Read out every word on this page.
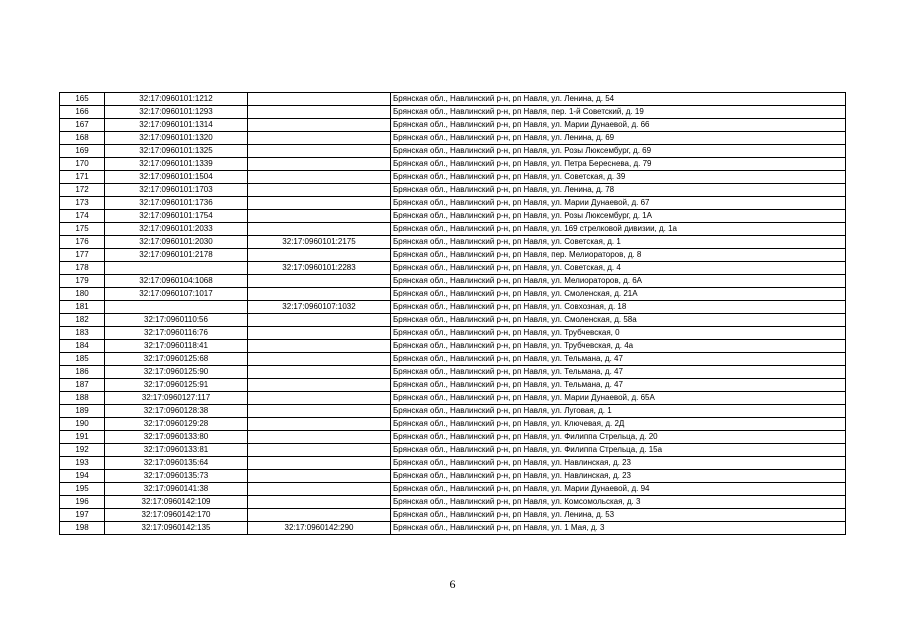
165	32:17:0960101:1212		Брянская обл., Навлинский р-н, рп Навля, ул. Ленина, д. 54
166	32:17:0960101:1293		Брянская обл., Навлинский р-н, рп Навля, пер. 1-й Советский, д. 19
167	32:17:0960101:1314		Брянская обл., Навлинский р-н, рп Навля, ул. Марии Дунаевой, д. 66
168	32:17:0960101:1320		Брянская обл., Навлинский р-н, рп Навля, ул. Ленина, д. 69
169	32:17:0960101:1325		Брянская обл., Навлинский р-н, рп Навля, ул. Розы Люксембург, д. 69
170	32:17:0960101:1339		Брянская обл., Навлинский р-н, рп Навля, ул. Петра Береснева, д. 79
171	32:17:0960101:1504		Брянская обл., Навлинский р-н, рп Навля, ул. Советская, д. 39
172	32:17:0960101:1703		Брянская обл., Навлинский р-н, рп Навля, ул. Ленина, д. 78
173	32:17:0960101:1736		Брянская обл., Навлинский р-н, рп Навля, ул. Марии Дунаевой, д. 67
174	32:17:0960101:1754		Брянская обл., Навлинский р-н, рп Навля, ул. Розы Люксембург, д. 1А
175	32:17:0960101:2033		Брянская обл., Навлинский р-н, рп Навля, ул. 169 стрелковой дивизии, д. 1а
176	32:17:0960101:2030	32:17:0960101:2175	Брянская обл., Навлинский р-н, рп Навля, ул. Советская, д. 1
177	32:17:0960101:2178		Брянская обл., Навлинский р-н, рп Навля, пер. Мелиораторов, д. 8
178		32:17:0960101:2283	Брянская обл., Навлинский р-н, рп Навля, ул. Советская, д. 4
179	32:17:0960104:1068		Брянская обл., Навлинский р-н, рп Навля, ул. Мелиораторов, д. 6А
180	32:17:0960107:1017		Брянская обл., Навлинский р-н, рп Навля, ул. Смоленская, д. 21А
181		32:17:0960107:1032	Брянская обл., Навлинский р-н, рп Навля, ул. Совхозная, д. 18
182	32:17:0960110:56		Брянская обл., Навлинский р-н, рп Навля, ул. Смоленская, д. 58а
183	32:17:0960116:76		Брянская обл., Навлинский р-н, рп Навля, ул. Трубчевская, 0
184	32:17:0960118:41		Брянская обл., Навлинский р-н, рп Навля, ул. Трубчевская, д. 4а
185	32:17:0960125:68		Брянская обл., Навлинский р-н, рп Навля, ул. Тельмана, д. 47
186	32:17:0960125:90		Брянская обл., Навлинский р-н, рп Навля, ул. Тельмана, д. 47
187	32:17:0960125:91		Брянская обл., Навлинский р-н, рп Навля, ул. Тельмана, д. 47
188	32:17:0960127:117		Брянская обл., Навлинский р-н, рп Навля, ул. Марии Дунаевой, д. 65А
189	32:17:0960128:38		Брянская обл., Навлинский р-н, рп Навля, ул. Луговая, д. 1
190	32:17:0960129:28		Брянская обл., Навлинский р-н, рп Навля, ул. Ключевая, д. 2Д
191	32:17:0960133:80		Брянская обл., Навлинский р-н, рп Навля, ул. Филиппа Стрельца, д. 20
192	32:17:0960133:81		Брянская обл., Навлинский р-н, рп Навля, ул. Филиппа Стрельца, д. 15а
193	32:17:0960135:64		Брянская обл., Навлинский р-н, рп Навля, ул. Навлинская, д. 23
194	32:17:0960135:73		Брянская обл., Навлинский р-н, рп Навля, ул. Навлинская, д. 23
195	32:17:0960141:38		Брянская обл., Навлинский р-н, рп Навля, ул. Марии Дунаевой, д. 94
196	32:17:0960142:109		Брянская обл., Навлинский р-н, рп Навля, ул. Комсомольская, д. 3
197	32:17:0960142:170		Брянская обл., Навлинский р-н, рп Навля, ул. Ленина, д. 53
198	32:17:0960142:135	32:17:0960142:290	Брянская обл., Навлинский р-н, рп Навля, ул. 1 Мая, д. 3
6
